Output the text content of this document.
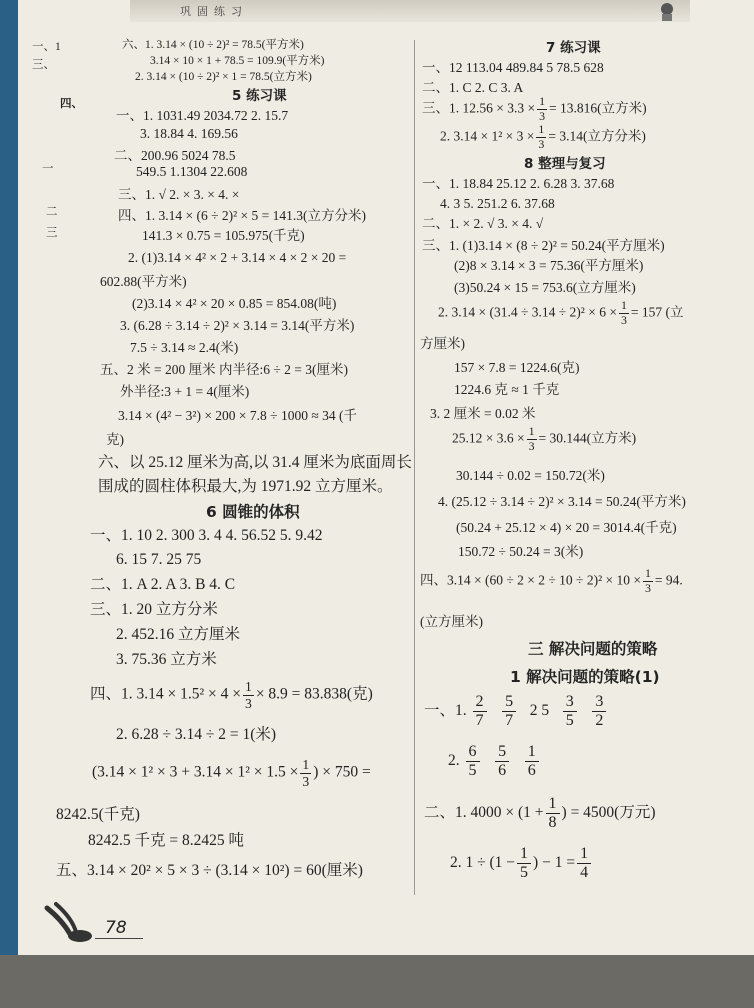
巩固练习
一、1
三、
四、
一
二
三
六、1. 3.14 × (10 ÷ 2)² = 78.5(平方米)
3.14 × 10 × 1 + 78.5 = 109.9(平方米)
2. 3.14 × (10 ÷ 2)² × 1 = 78.5(立方米)
5 练习课
一、1. 1031.49 2034.72 2. 15.7
3. 18.84 4. 169.56
二、200.96 5024 78.5
549.5 1.1304 22.608
三、1. √ 2. × 3. × 4. ×
四、1. 3.14 × (6 ÷ 2)² × 5 = 141.3(立方分米)
141.3 × 0.75 = 105.975(千克)
2. (1)3.14 × 4² × 2 + 3.14 × 4 × 2 × 20 =
602.88(平方米)
(2)3.14 × 4² × 20 × 0.85 = 854.08(吨)
3. (6.28 ÷ 3.14 ÷ 2)² × 3.14 = 3.14(平方米)
7.5 ÷ 3.14 ≈ 2.4(米)
五、2 米 = 200 厘米 内半径:6 ÷ 2 = 3(厘米)
外半径:3 + 1 = 4(厘米)
3.14 × (4² − 3²) × 200 × 7.8 ÷ 1000 ≈ 34 (千
克)
六、以 25.12 厘米为高,以 31.4 厘米为底面周长
围成的圆柱体积最大,为 1971.92 立方厘米。
6 圆锥的体积
一、1. 10 2. 300 3. 4 4. 56.52 5. 9.42
6. 15 7. 25 75
二、1. A 2. A 3. B 4. C
三、1. 20 立方分米
2. 452.16 立方厘米
3. 75.36 立方米
四、1. $3.14 \times 1.5^2 \times 4 \times \frac{1}{3} \times 8.9 = 83.838$(克)
2. 6.28 ÷ 3.14 ÷ 2 = 1(米)
($3.14 \times 1^2 \times 3 + 3.14 \times 1^2 \times 1.5 \times \frac{1}{3}$ ) × 750 =
8242.5(千克)
8242.5 千克 = 8.2425 吨
五、3.14 × 20² × 5 × 3 ÷ (3.14 × 10²) = 60(厘米)
7 练习课
一、12 113.04 489.84 5 78.5 628
二、1. C 2. C 3. A
三、1. $12.56 \times 3.3 \times \frac{1}{3} = 13.816$(立方米)
2. $3.14 \times 1^2 \times 3 \times \frac{1}{3} = 3.14$(立方分米)
8 整理与复习
一、1. 18.84 25.12 2. 6.28 3. 37.68
4. 3 5. 251.2 6. 37.68
二、1. × 2. √ 3. × 4. √
三、1. (1)3.14 × (8 ÷ 2)² = 50.24(平方厘米)
(2)8 × 3.14 × 3 = 75.36(平方厘米)
(3)50.24 × 15 = 753.6(立方厘米)
2. $3.14 \times (31.4 \div 3.14 \div 2)^2 \times 6 \times \frac{1}{3} = 157$ (立
方厘米)
157 × 7.8 = 1224.6(克)
1224.6 克 ≈ 1 千克
3. 2 厘米 = 0.02 米
$25.12 \times 3.6 \times \frac{1}{3} = 30.144$(立方米)
30.144 ÷ 0.02 = 150.72(米)
4. (25.12 ÷ 3.14 ÷ 2)² × 3.14 = 50.24(平方米)
(50.24 + 25.12 × 4) × 20 = 3014.4(千克)
150.72 ÷ 50.24 = 3(米)
四、$3.14 \times (60 \div 2 \times 2 \div 10 \div 2)^2 \times 10 \times \frac{1}{3} = 94$.
(立方厘米)
三 解决问题的策略
1 解决问题的策略(1)
一、1. $\frac{2}{7}$
$\frac{5}{7} 2$ $5 \frac{3}{5}$
$\frac{3}{2}$
2. $\frac{6}{5}$
$\frac{5}{6}$
$\frac{1}{6}$
二、1. $4000 \times (1 + \frac{1}{8}$ ) = 4500(万元)
2. $1 \div (1 - \frac{1}{5}$ ) − $1 = \frac{1}{4}$
78
